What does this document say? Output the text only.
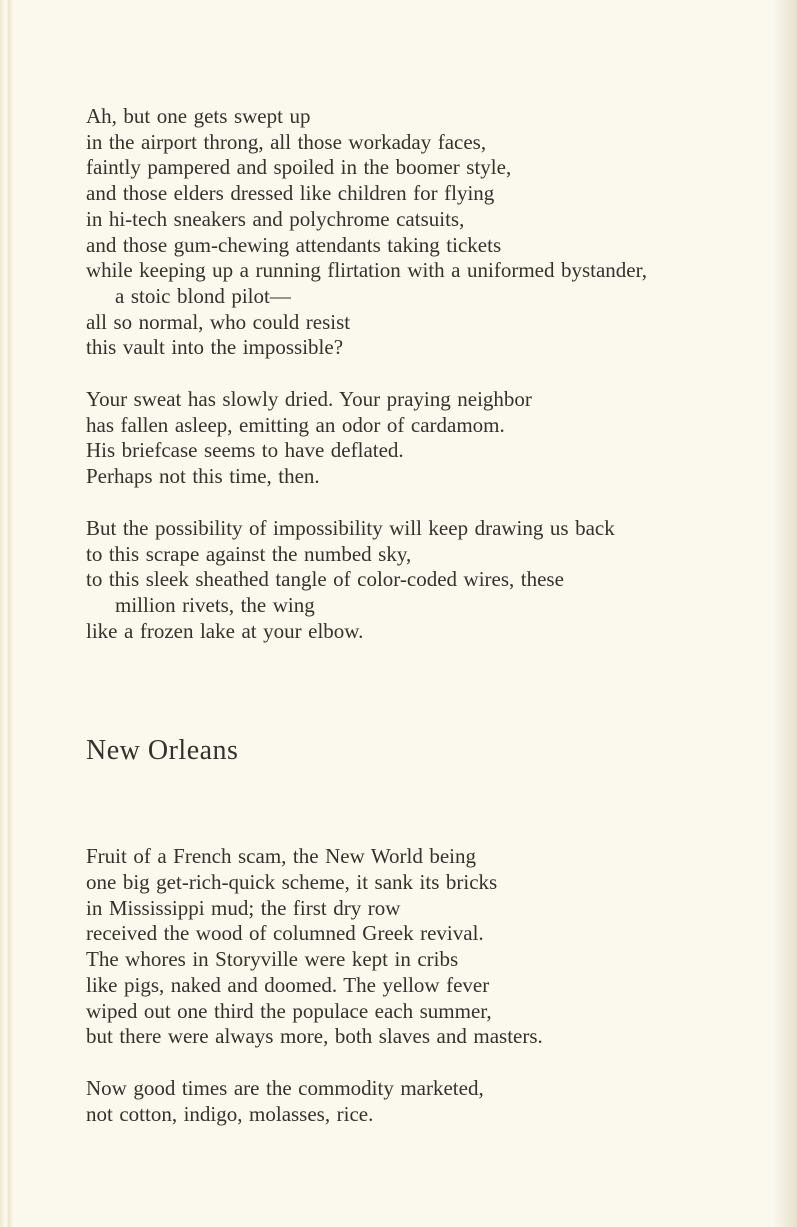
Ah, but one gets swept up

in the airport throng, all those workaday faces,

faintly pampered and spoiled in the boomer style,

and those elders dressed like children for flying

in hi-tech sneakers and polychrome catsuits,

and those gum-chewing attendants taking tickets

while keeping up a running flirtation with a uniformed bystander,

a stoic blond pilot—

all so normal, who could resist

this vault into the impossible?

Your sweat has slowly dried. Your praying neighbor

has fallen asleep, emitting an odor of cardamom.

His briefcase seems to have deflated.

Perhaps not this time, then.

But the possibility of impossibility will keep drawing us back

to this scrape against the numbed sky,

to this sleek sheathed tangle of color-coded wires, these

million rivets, the wing

like a frozen lake at your elbow.

New Orleans

Fruit of a French scam, the New World being

one big get-rich-quick scheme, it sank its bricks

in Mississippi mud; the first dry row

received the wood of columned Greek revival.

The whores in Storyville were kept in cribs

like pigs, naked and doomed. The yellow fever

wiped out one third the populace each summer,

but there were always more, both slaves and masters.

Now good times are the commodity marketed,

not cotton, indigo, molasses, rice.
